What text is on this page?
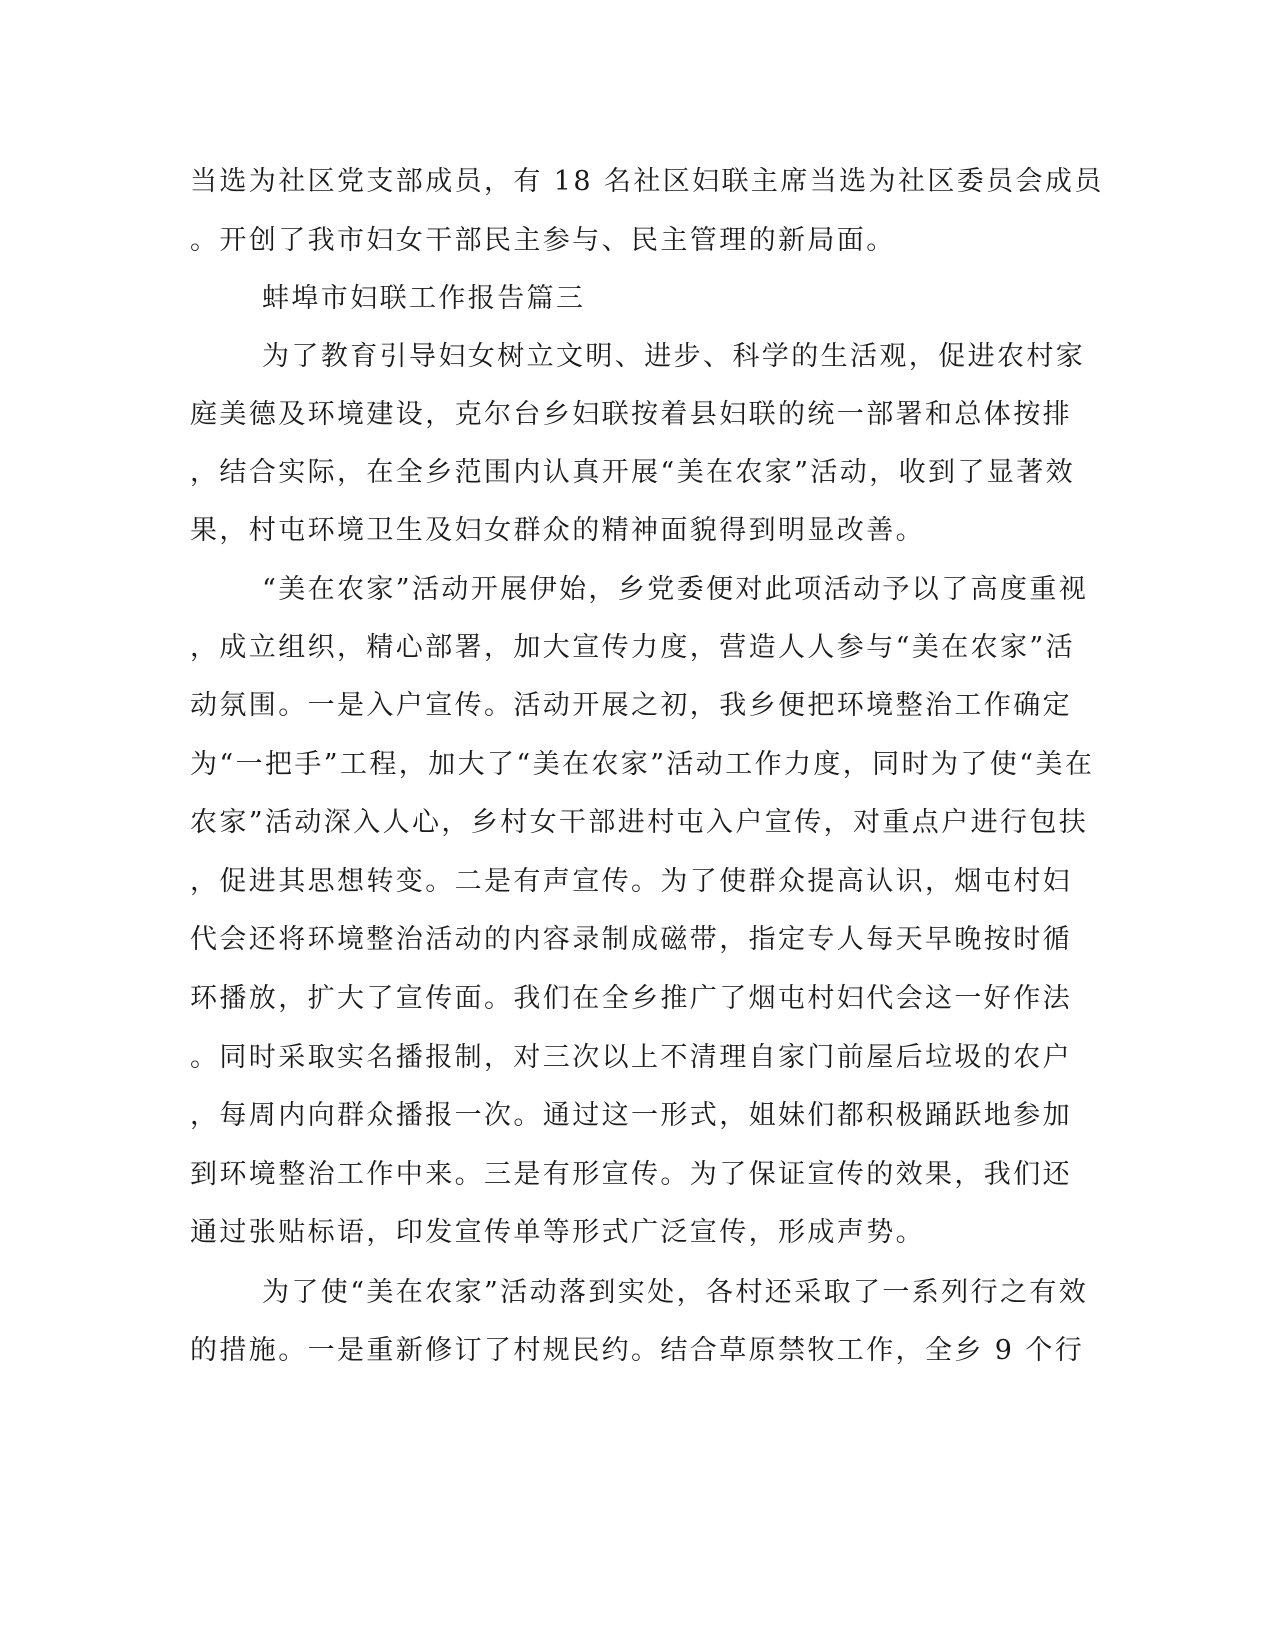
当选为社区党支部成员，有 18 名社区妇联主席当选为社区委员会成员
。开创了我市妇女干部民主参与、民主管理的新局面。
蚌埠市妇联工作报告篇三
为了教育引导妇女树立文明、进步、科学的生活观，促进农村家
庭美德及环境建设，克尔台乡妇联按着县妇联的统一部署和总体按排
，结合实际，在全乡范围内认真开展“美在农家”活动，收到了显著效
果，村屯环境卫生及妇女群众的精神面貌得到明显改善。
“美在农家”活动开展伊始，乡党委便对此项活动予以了高度重视
，成立组织，精心部署，加大宣传力度，营造人人参与“美在农家”活
动氛围。一是入户宣传。活动开展之初，我乡便把环境整治工作确定
为“一把手”工程，加大了“美在农家”活动工作力度，同时为了使“美在
农家”活动深入人心，乡村女干部进村屯入户宣传，对重点户进行包扶
，促进其思想转变。二是有声宣传。为了使群众提高认识，烟屯村妇
代会还将环境整治活动的内容录制成磁带，指定专人每天早晚按时循
环播放，扩大了宣传面。我们在全乡推广了烟屯村妇代会这一好作法
。同时采取实名播报制，对三次以上不清理自家门前屋后垃圾的农户
，每周内向群众播报一次。通过这一形式，姐妹们都积极踊跃地参加
到环境整治工作中来。三是有形宣传。为了保证宣传的效果，我们还
通过张贴标语，印发宣传单等形式广泛宣传，形成声势。
为了使“美在农家”活动落到实处，各村还采取了一系列行之有效
的措施。一是重新修订了村规民约。结合草原禁牧工作，全乡 9 个行
